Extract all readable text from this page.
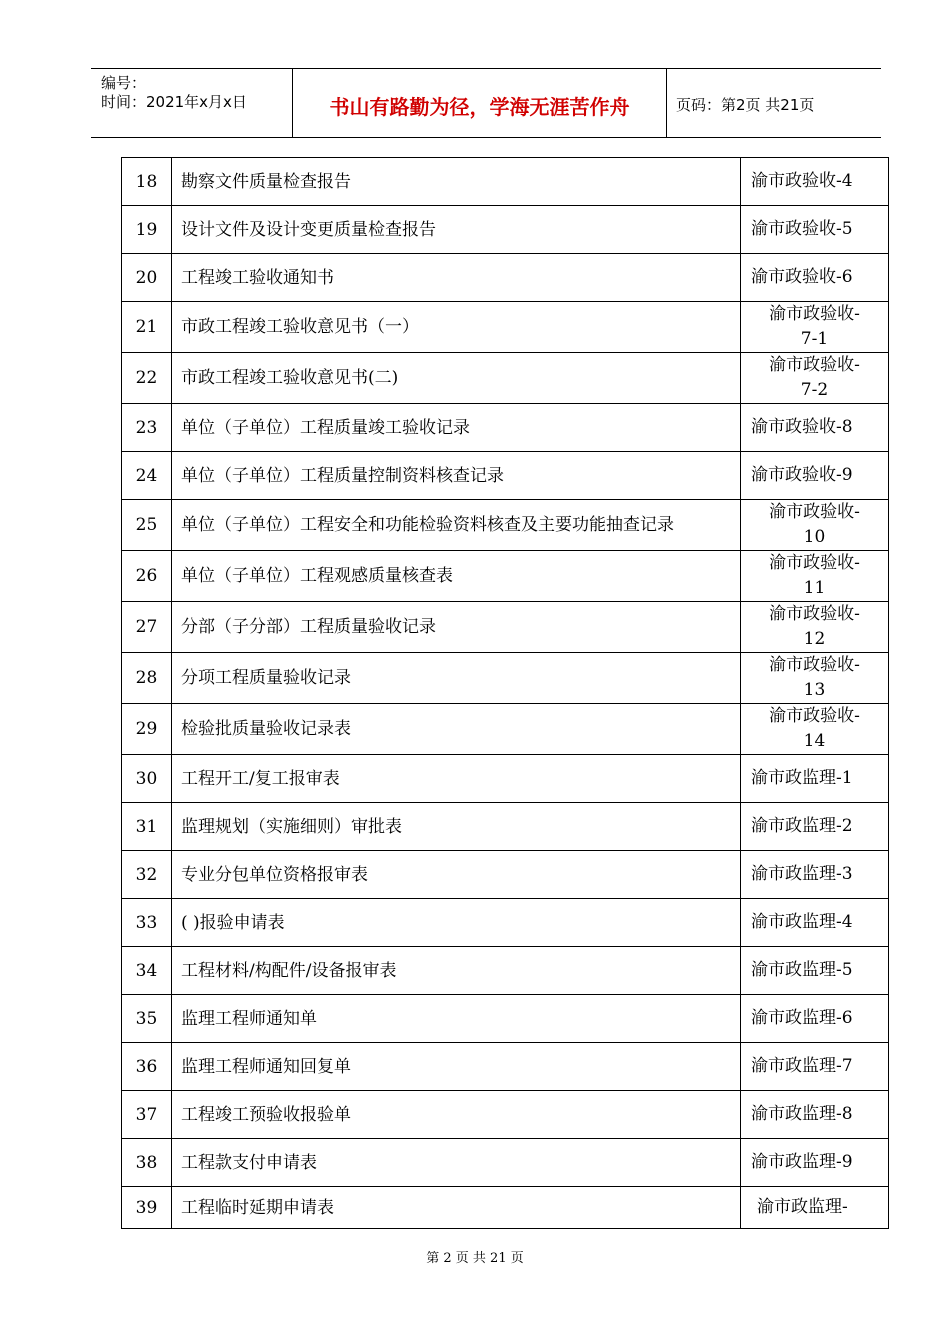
编号：
时间：2021年x月x日	书山有路勤为径，学海无涯苦作舟	页码：第2页 共21页
18	勘察文件质量检查报告	渝市政验收-4

19	设计文件及设计变更质量检查报告	渝市政验收-5

20	工程竣工验收通知书	渝市政验收-6

21	市政工程竣工验收意见书（一）	渝市政验收-
7-1

22	市政工程竣工验收意见书(二)	渝市政验收-
7-2

23	单位（子单位）工程质量竣工验收记录	渝市政验收-8

24	单位（子单位）工程质量控制资料核查记录	渝市政验收-9

25	单位（子单位）工程安全和功能检验资料核查及主要功能抽查记录	渝市政验收-
10

26	单位（子单位）工程观感质量核查表	渝市政验收-
11

27	分部（子分部）工程质量验收记录	渝市政验收-
12

28	分项工程质量验收记录	渝市政验收-
13

29	检验批质量验收记录表	渝市政验收-
14

30	工程开工/复工报审表	渝市政监理-1

31	监理规划（实施细则）审批表	渝市政监理-2

32	专业分包单位资格报审表	渝市政监理-3

33	( )报验申请表	渝市政监理-4

34	工程材料/构配件/设备报审表	渝市政监理-5

35	监理工程师通知单	渝市政监理-6

36	监理工程师通知回复单	渝市政监理-7

37	工程竣工预验收报验单	渝市政监理-8

38	工程款支付申请表	渝市政监理-9

39	工程临时延期申请表	渝市政监理-
第 2 页 共 21 页
